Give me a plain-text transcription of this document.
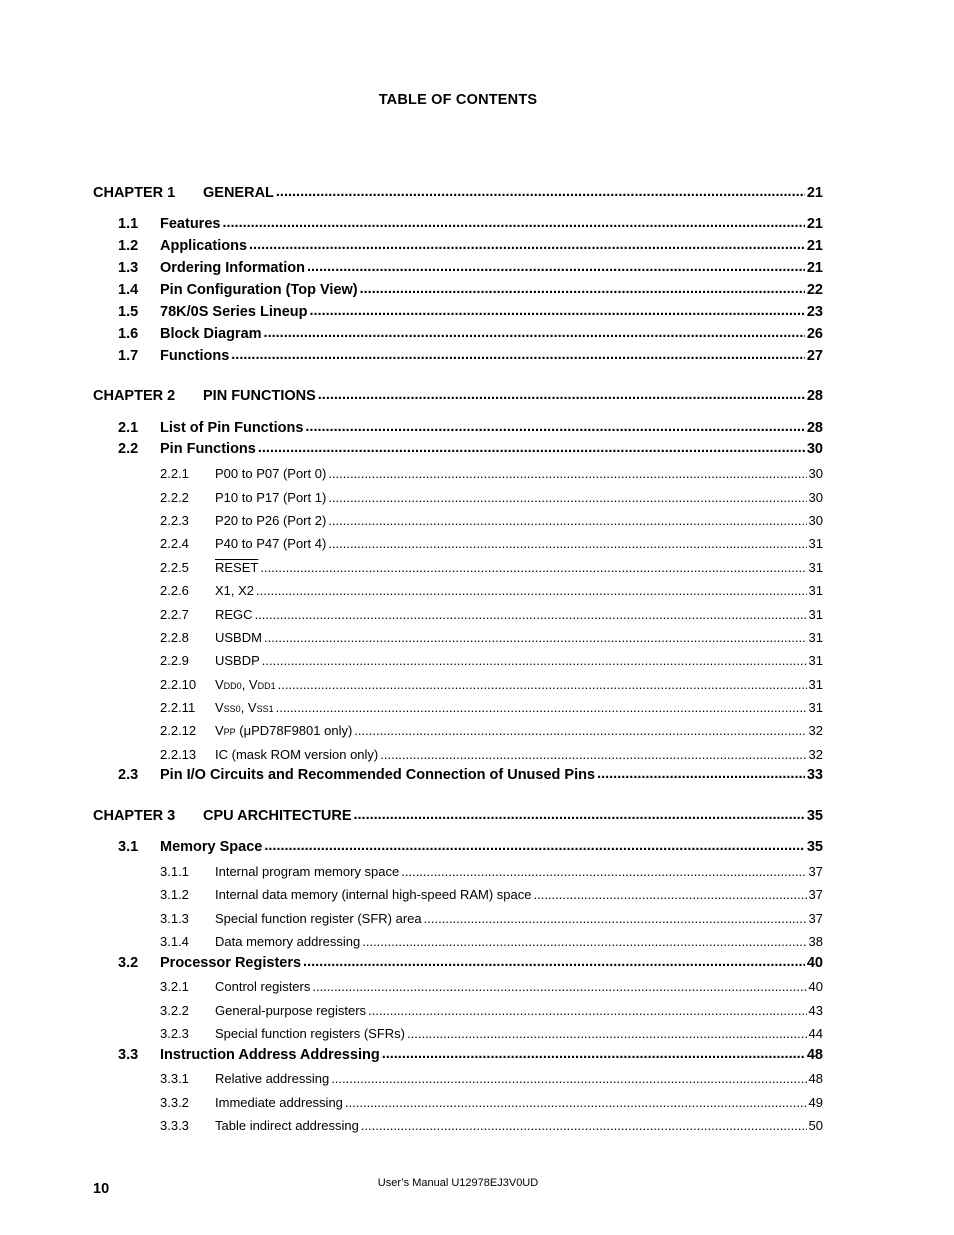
TABLE OF CONTENTS
CHAPTER 1	GENERAL .....	21
1.1	Features .....	21
1.2	Applications .....	21
1.3	Ordering Information .....	21
1.4	Pin Configuration (Top View) .....	22
1.5	78K/0S Series Lineup .....	23
1.6	Block Diagram .....	26
1.7	Functions .....	27
CHAPTER 2	PIN FUNCTIONS .....	28
2.1	List of Pin Functions .....	28
2.2	Pin Functions .....	30
2.2.1	P00 to P07 (Port 0) .....	30
2.2.2	P10 to P17 (Port 1) .....	30
2.2.3	P20 to P26 (Port 2) .....	30
2.2.4	P40 to P47 (Port 4) .....	31
2.2.5	RESET .....	31
2.2.6	X1, X2 .....	31
2.2.7	REGC .....	31
2.2.8	USBDM .....	31
2.2.9	USBDP .....	31
2.2.10	VDD0, VDD1 .....	31
2.2.11	VSS0, VSS1 .....	31
2.2.12	VPP (μPD78F9801 only) .....	32
2.2.13	IC (mask ROM version only) .....	32
2.3	Pin I/O Circuits and Recommended Connection of Unused Pins .....	33
CHAPTER 3	CPU ARCHITECTURE .....	35
3.1	Memory Space .....	35
3.1.1	Internal program memory space .....	37
3.1.2	Internal data memory (internal high-speed RAM) space .....	37
3.1.3	Special function register (SFR) area .....	37
3.1.4	Data memory addressing .....	38
3.2	Processor Registers .....	40
3.2.1	Control registers .....	40
3.2.2	General-purpose registers .....	43
3.2.3	Special function registers (SFRs) .....	44
3.3	Instruction Address Addressing .....	48
3.3.1	Relative addressing .....	48
3.3.2	Immediate addressing .....	49
3.3.3	Table indirect addressing .....	50
10	User’s Manual U12978EJ3V0UD
